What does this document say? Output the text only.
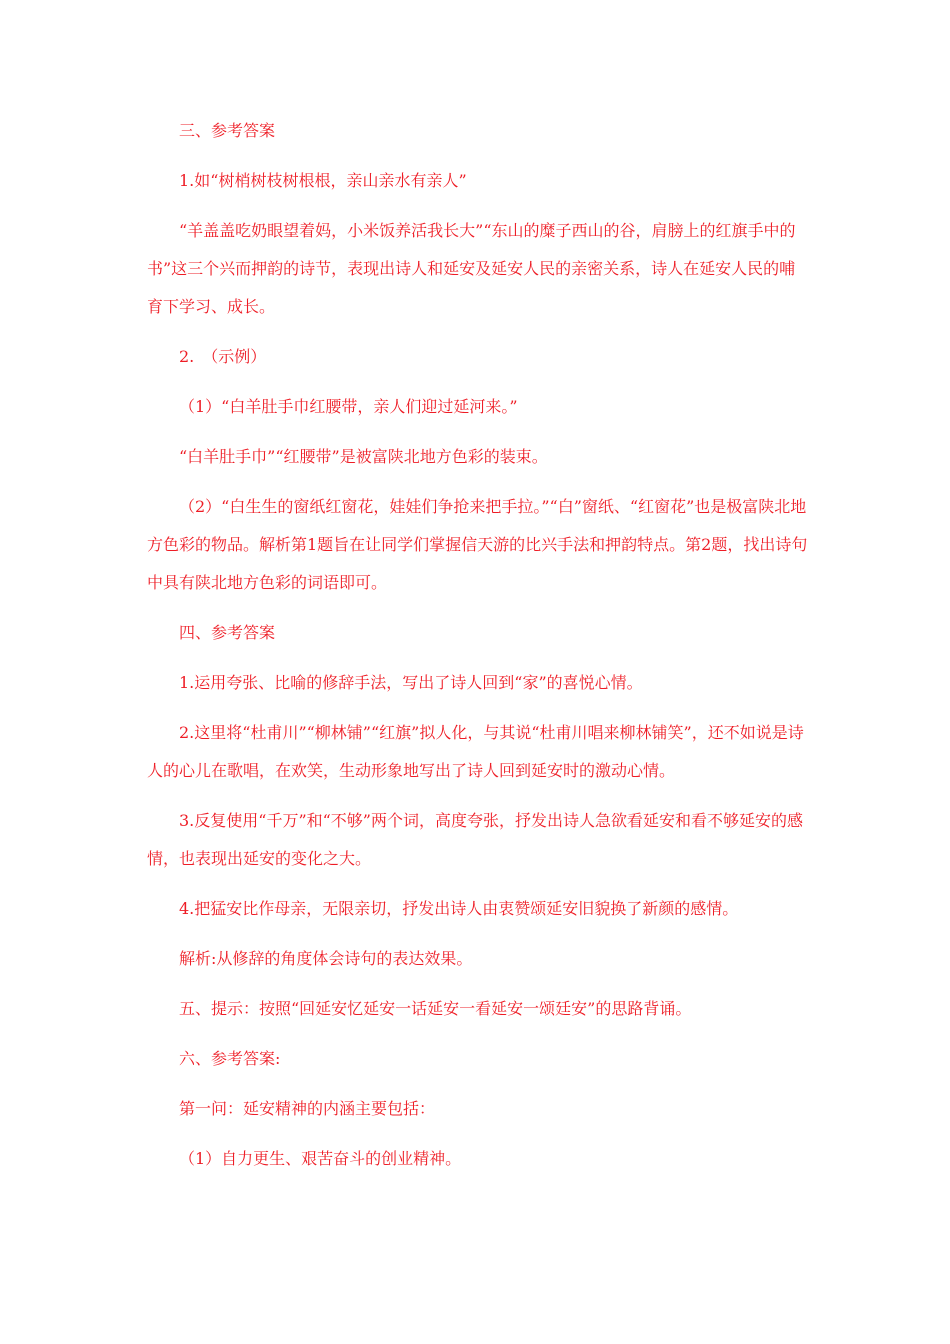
三、参考答案

1.如“树梢树枝树根根，亲山亲水有亲人”

“羊盖盖吃奶眼望着妈，小米饭养活我长大”“东山的糜子西山的谷，肩膀上的红旗手中的书”这三个兴而押韵的诗节，表现出诗人和延安及延安人民的亲密关系，诗人在延安人民的哺育下学习、成长。

2.　（示例）

（1）“白羊肚手巾红腰带，亲人们迎过延河来。”

“白羊肚手巾”“红腰带”是被富陕北地方色彩的装束。

（2）“白生生的窗纸红窗花，娃娃们争抢来把手拉。”“白”窗纸、“红窗花”也是极富陕北地方色彩的物品。解析第1题旨在让同学们掌握信天游的比兴手法和押韵特点。第2题，找出诗句中具有陕北地方色彩的词语即可。

四、参考答案

1.运用夸张、比喻的修辞手法，写出了诗人回到“家”的喜悦心情。

2.这里将“杜甫川”“柳林铺”“红旗”拟人化，与其说“杜甫川唱来柳林铺笑”，还不如说是诗人的心儿在歌唱，在欢笑，生动形象地写出了诗人回到延安时的激动心情。

3.反复使用“千万”和“不够”两个词，高度夸张，抒发出诗人急欲看延安和看不够延安的感情，也表现出延安的变化之大。

4.把猛安比作母亲，无限亲切，抒发出诗人由衷赞颂延安旧貌换了新颜的感情。

解析:从修辞的角度体会诗句的表达效果。

五、提示：按照“回延安忆延安一话延安一看延安一颂廷安”的思路背诵。

六、参考答案:

第一问：延安精神的内涵主要包括：

（1）自力更生、艰苦奋斗的创业精神。
